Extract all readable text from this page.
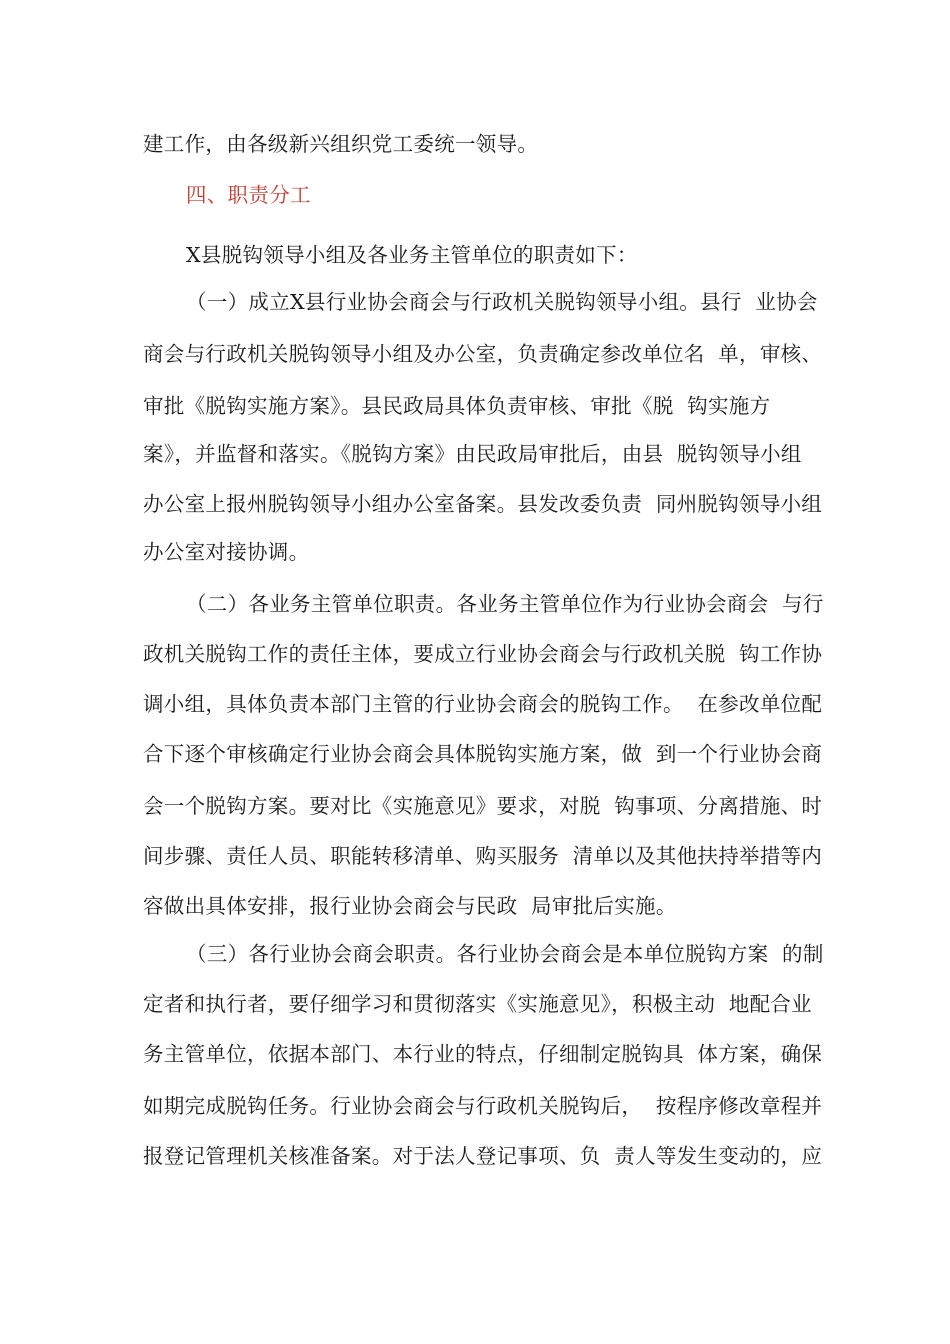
建工作，由各级新兴组织党工委统一领导。
四、职责分工
X县脱钩领导小组及各业务主管单位的职责如下：
（一）成立X县行业协会商会与行政机关脱钩领导小组。县行  业协会
商会与行政机关脱钩领导小组及办公室，负责确定参改单位名  单，审核、
审批《脱钩实施方案》。县民政局具体负责审核、审批《脱  钩实施方
案》，并监督和落实。《脱钩方案》由民政局审批后，由县  脱钩领导小组
办公室上报州脱钩领导小组办公室备案。县发改委负责  同州脱钩领导小组
办公室对接协调。
（二）各业务主管单位职责。各业务主管单位作为行业协会商会  与行
政机关脱钩工作的责任主体，要成立行业协会商会与行政机关脱  钩工作协
调小组，具体负责本部门主管的行业协会商会的脱钩工作。  在参改单位配
合下逐个审核确定行业协会商会具体脱钩实施方案，做  到一个行业协会商
会一个脱钩方案。要对比《实施意见》要求，对脱  钩事项、分离措施、时
间步骤、责任人员、职能转移清单、购买服务  清单以及其他扶持举措等内
容做出具体安排，报行业协会商会与民政  局审批后实施。
（三）各行业协会商会职责。各行业协会商会是本单位脱钩方案  的制
定者和执行者，要仔细学习和贯彻落实《实施意见》，积极主动  地配合业
务主管单位，依据本部门、本行业的特点，仔细制定脱钩具  体方案，确保
如期完成脱钩任务。行业协会商会与行政机关脱钩后，  按程序修改章程并
报登记管理机关核准备案。对于法人登记事项、负  责人等发生变动的，应
